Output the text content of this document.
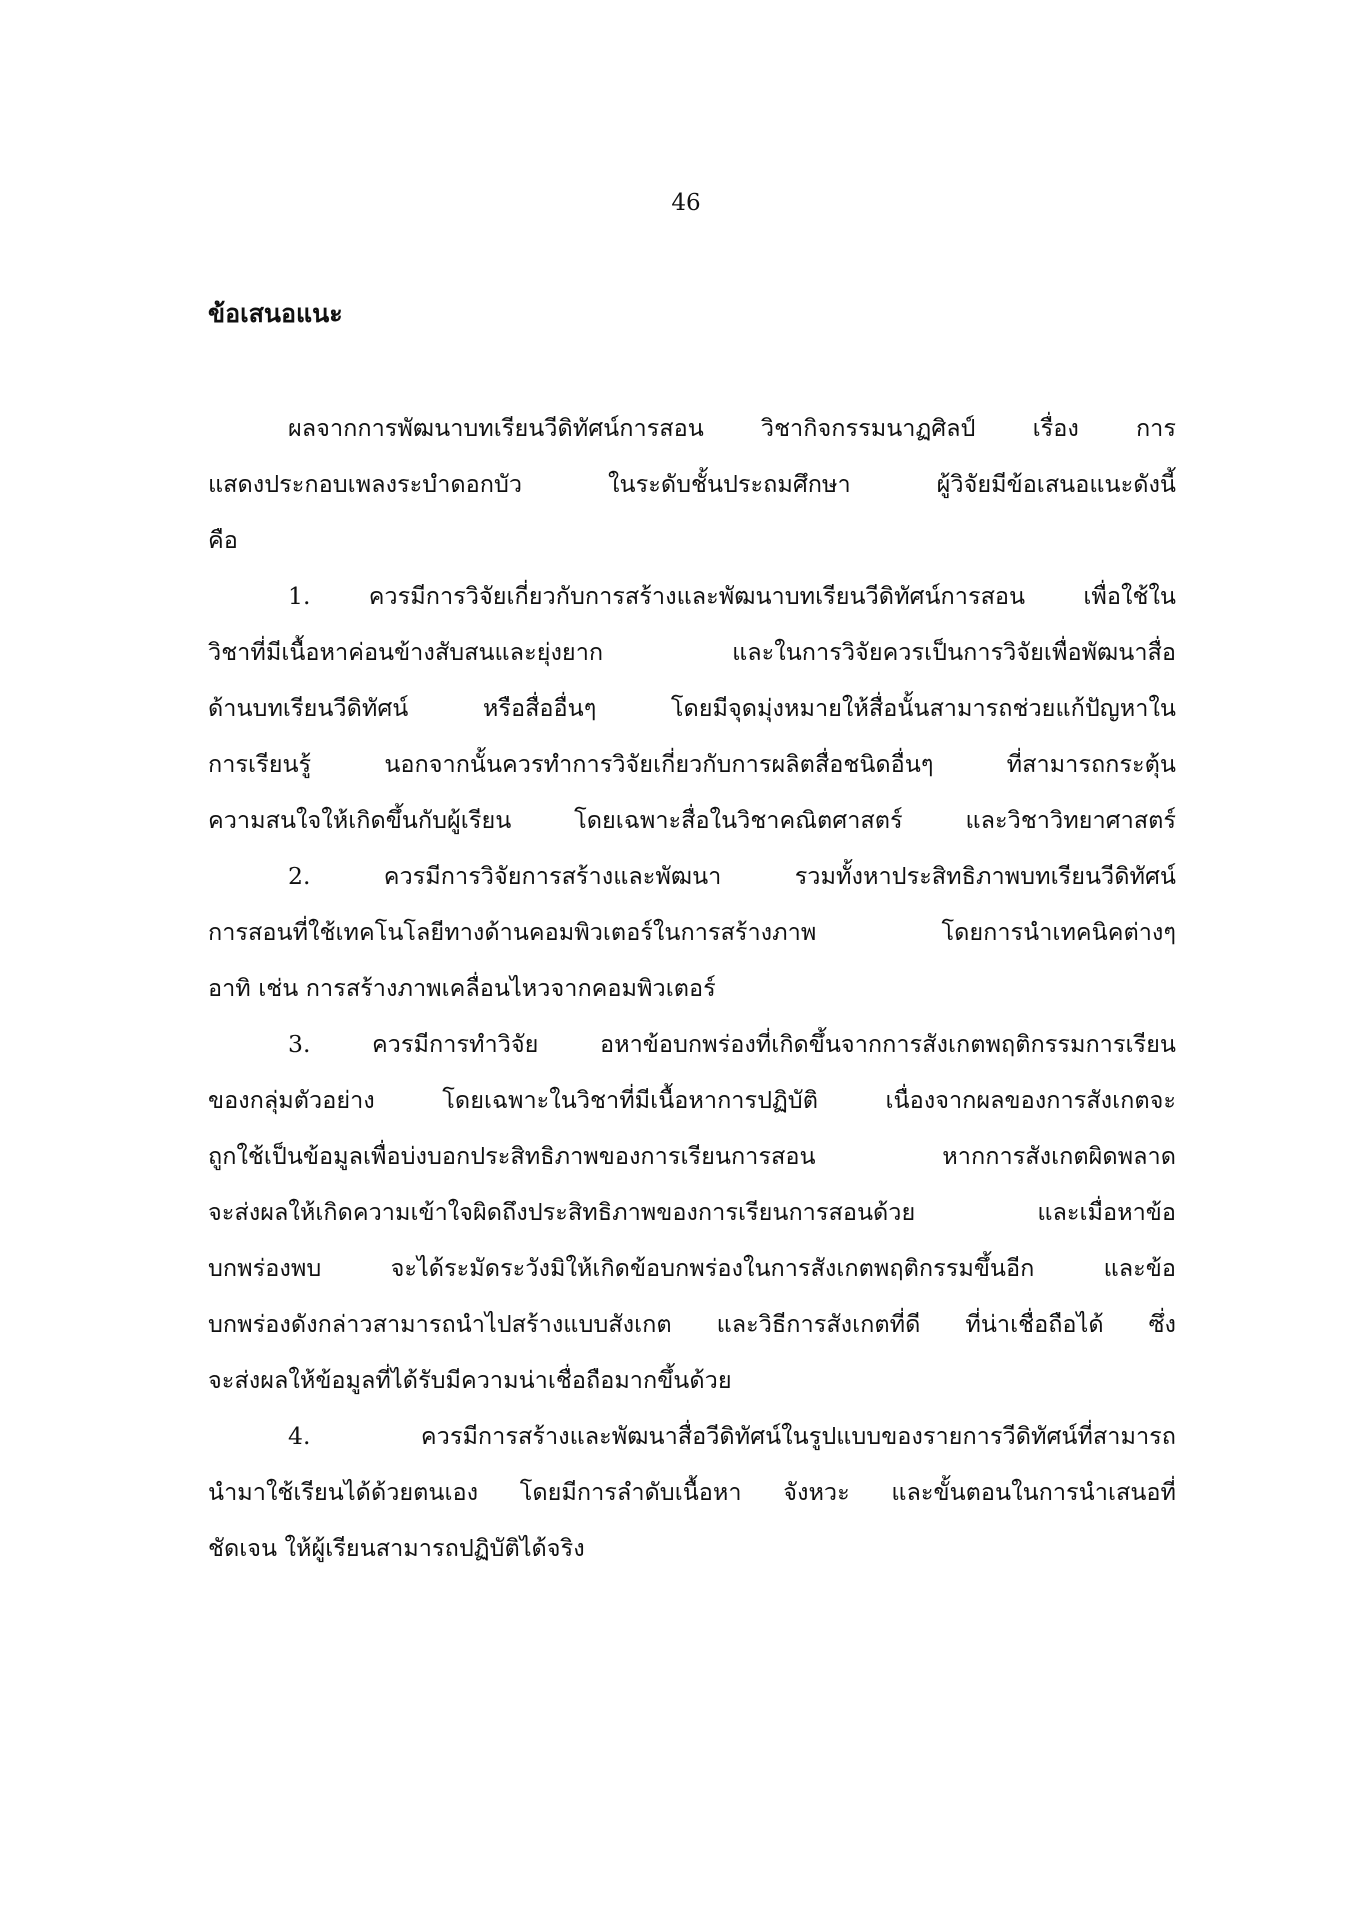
46
ข้อเสนอแนะ
ผลจากการพัฒนาบทเรียนวีดิทัศน์การสอน วิชากิจกรรมนาฏศิลป์ เรื่อง การ
แสดงประกอบเพลงระบำดอกบัว ในระดับชั้นประถมศึกษา ผู้วิจัยมีข้อเสนอแนะดังนี้
คือ
1. ควรมีการวิจัยเกี่ยวกับการสร้างและพัฒนาบทเรียนวีดิทัศน์การสอน เพื่อใช้ใน
วิชาที่มีเนื้อหาค่อนข้างสับสนและยุ่งยาก และในการวิจัยควรเป็นการวิจัยเพื่อพัฒนาสื่อ
ด้านบทเรียนวีดิทัศน์ หรือสื่ออื่นๆ โดยมีจุดมุ่งหมายให้สื่อนั้นสามารถช่วยแก้ปัญหาใน
การเรียนรู้ นอกจากนั้นควรทำการวิจัยเกี่ยวกับการผลิตสื่อชนิดอื่นๆ ที่สามารถกระตุ้น
ความสนใจให้เกิดขึ้นกับผู้เรียน โดยเฉพาะสื่อในวิชาคณิตศาสตร์ และวิชาวิทยาศาสตร์
2. ควรมีการวิจัยการสร้างและพัฒนา รวมทั้งหาประสิทธิภาพบทเรียนวีดิทัศน์
การสอนที่ใช้เทคโนโลยีทางด้านคอมพิวเตอร์ในการสร้างภาพ โดยการนำเทคนิคต่างๆ
อาทิ เช่น การสร้างภาพเคลื่อนไหวจากคอมพิวเตอร์
3. ควรมีการทำวิจัย อหาข้อบกพร่องที่เกิดขึ้นจากการสังเกตพฤติกรรมการเรียน
ของกลุ่มตัวอย่าง โดยเฉพาะในวิชาที่มีเนื้อหาการปฏิบัติ เนื่องจากผลของการสังเกตจะ
ถูกใช้เป็นข้อมูลเพื่อบ่งบอกประสิทธิภาพของการเรียนการสอน หากการสังเกตผิดพลาด
จะส่งผลให้เกิดความเข้าใจผิดถึงประสิทธิภาพของการเรียนการสอนด้วย และเมื่อหาข้อ
บกพร่องพบ จะได้ระมัดระวังมิให้เกิดข้อบกพร่องในการสังเกตพฤติกรรมขึ้นอีก และข้อ
บกพร่องดังกล่าวสามารถนำไปสร้างแบบสังเกต และวิธีการสังเกตที่ดี ที่น่าเชื่อถือได้ ซึ่ง
จะส่งผลให้ข้อมูลที่ได้รับมีความน่าเชื่อถือมากขึ้นด้วย
4. ควรมีการสร้างและพัฒนาสื่อวีดิทัศน์ในรูปแบบของรายการวีดิทัศน์ที่สามารถ
นำมาใช้เรียนได้ด้วยตนเอง โดยมีการลำดับเนื้อหา จังหวะ และขั้นตอนในการนำเสนอที่
ชัดเจน ให้ผู้เรียนสามารถปฏิบัติได้จริง
